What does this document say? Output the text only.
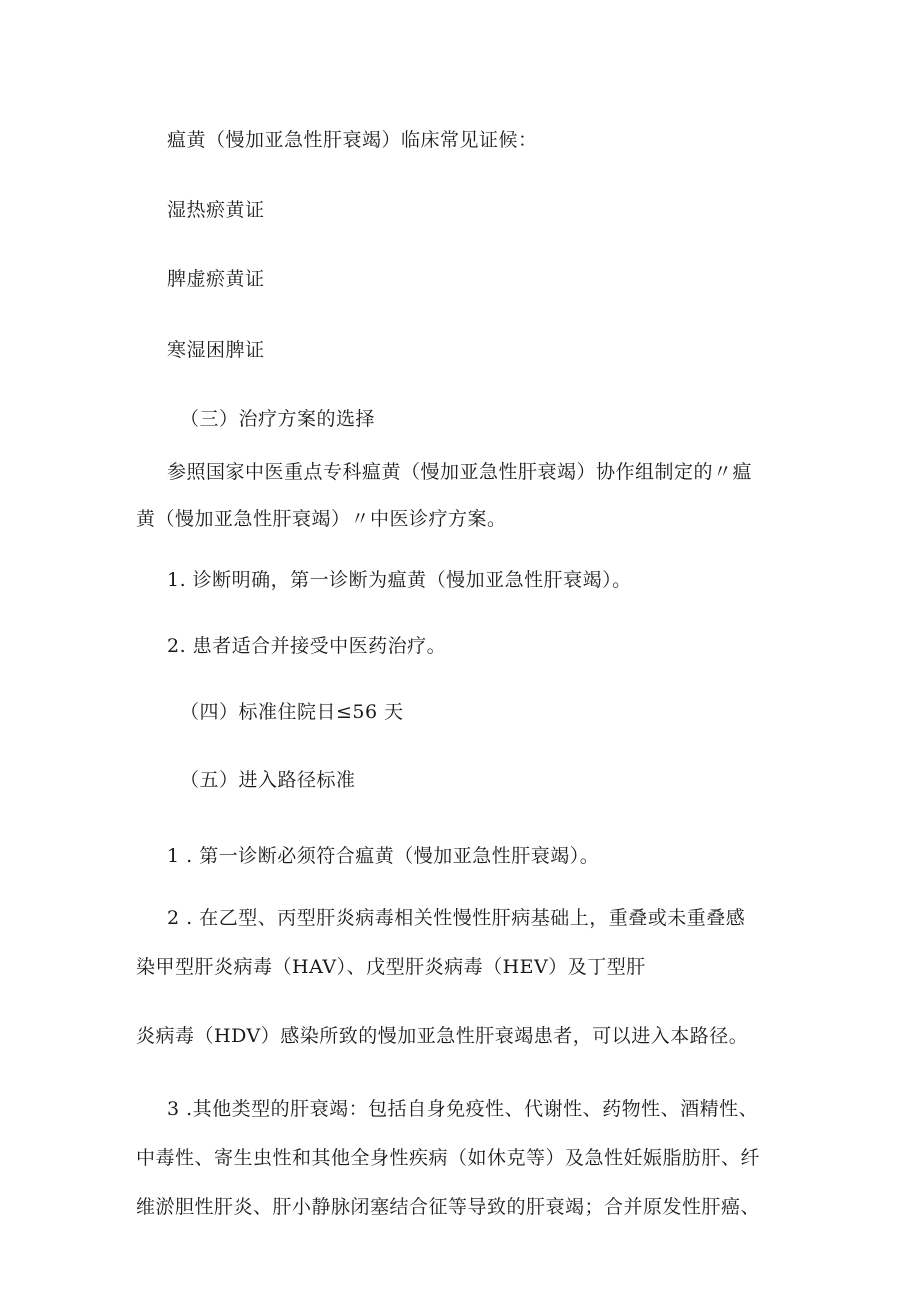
瘟黄（慢加亚急性肝衰竭）临床常见证候：
湿热瘀黄证
脾虚瘀黄证
寒湿困脾证
（三）治疗方案的选择
参照国家中医重点专科瘟黄（慢加亚急性肝衰竭）协作组制定的〃瘟
黄（慢加亚急性肝衰竭）〃中医诊疗方案。
1. 诊断明确，第一诊断为瘟黄（慢加亚急性肝衰竭）。
2. 患者适合并接受中医药治疗。
（四）标准住院日≤56 天
（五）进入路径标准
1 . 第一诊断必须符合瘟黄（慢加亚急性肝衰竭）。
2 . 在乙型、丙型肝炎病毒相关性慢性肝病基础上，重叠或未重叠感
染甲型肝炎病毒（HAV）、戊型肝炎病毒（HEV）及丁型肝
炎病毒（HDV）感染所致的慢加亚急性肝衰竭患者，可以进入本路径。
3 .其他类型的肝衰竭：包括自身免疫性、代谢性、药物性、酒精性、
中毒性、寄生虫性和其他全身性疾病（如休克等）及急性妊娠脂肪肝、纤
维淤胆性肝炎、肝小静脉闭塞结合征等导致的肝衰竭；合并原发性肝癌、
